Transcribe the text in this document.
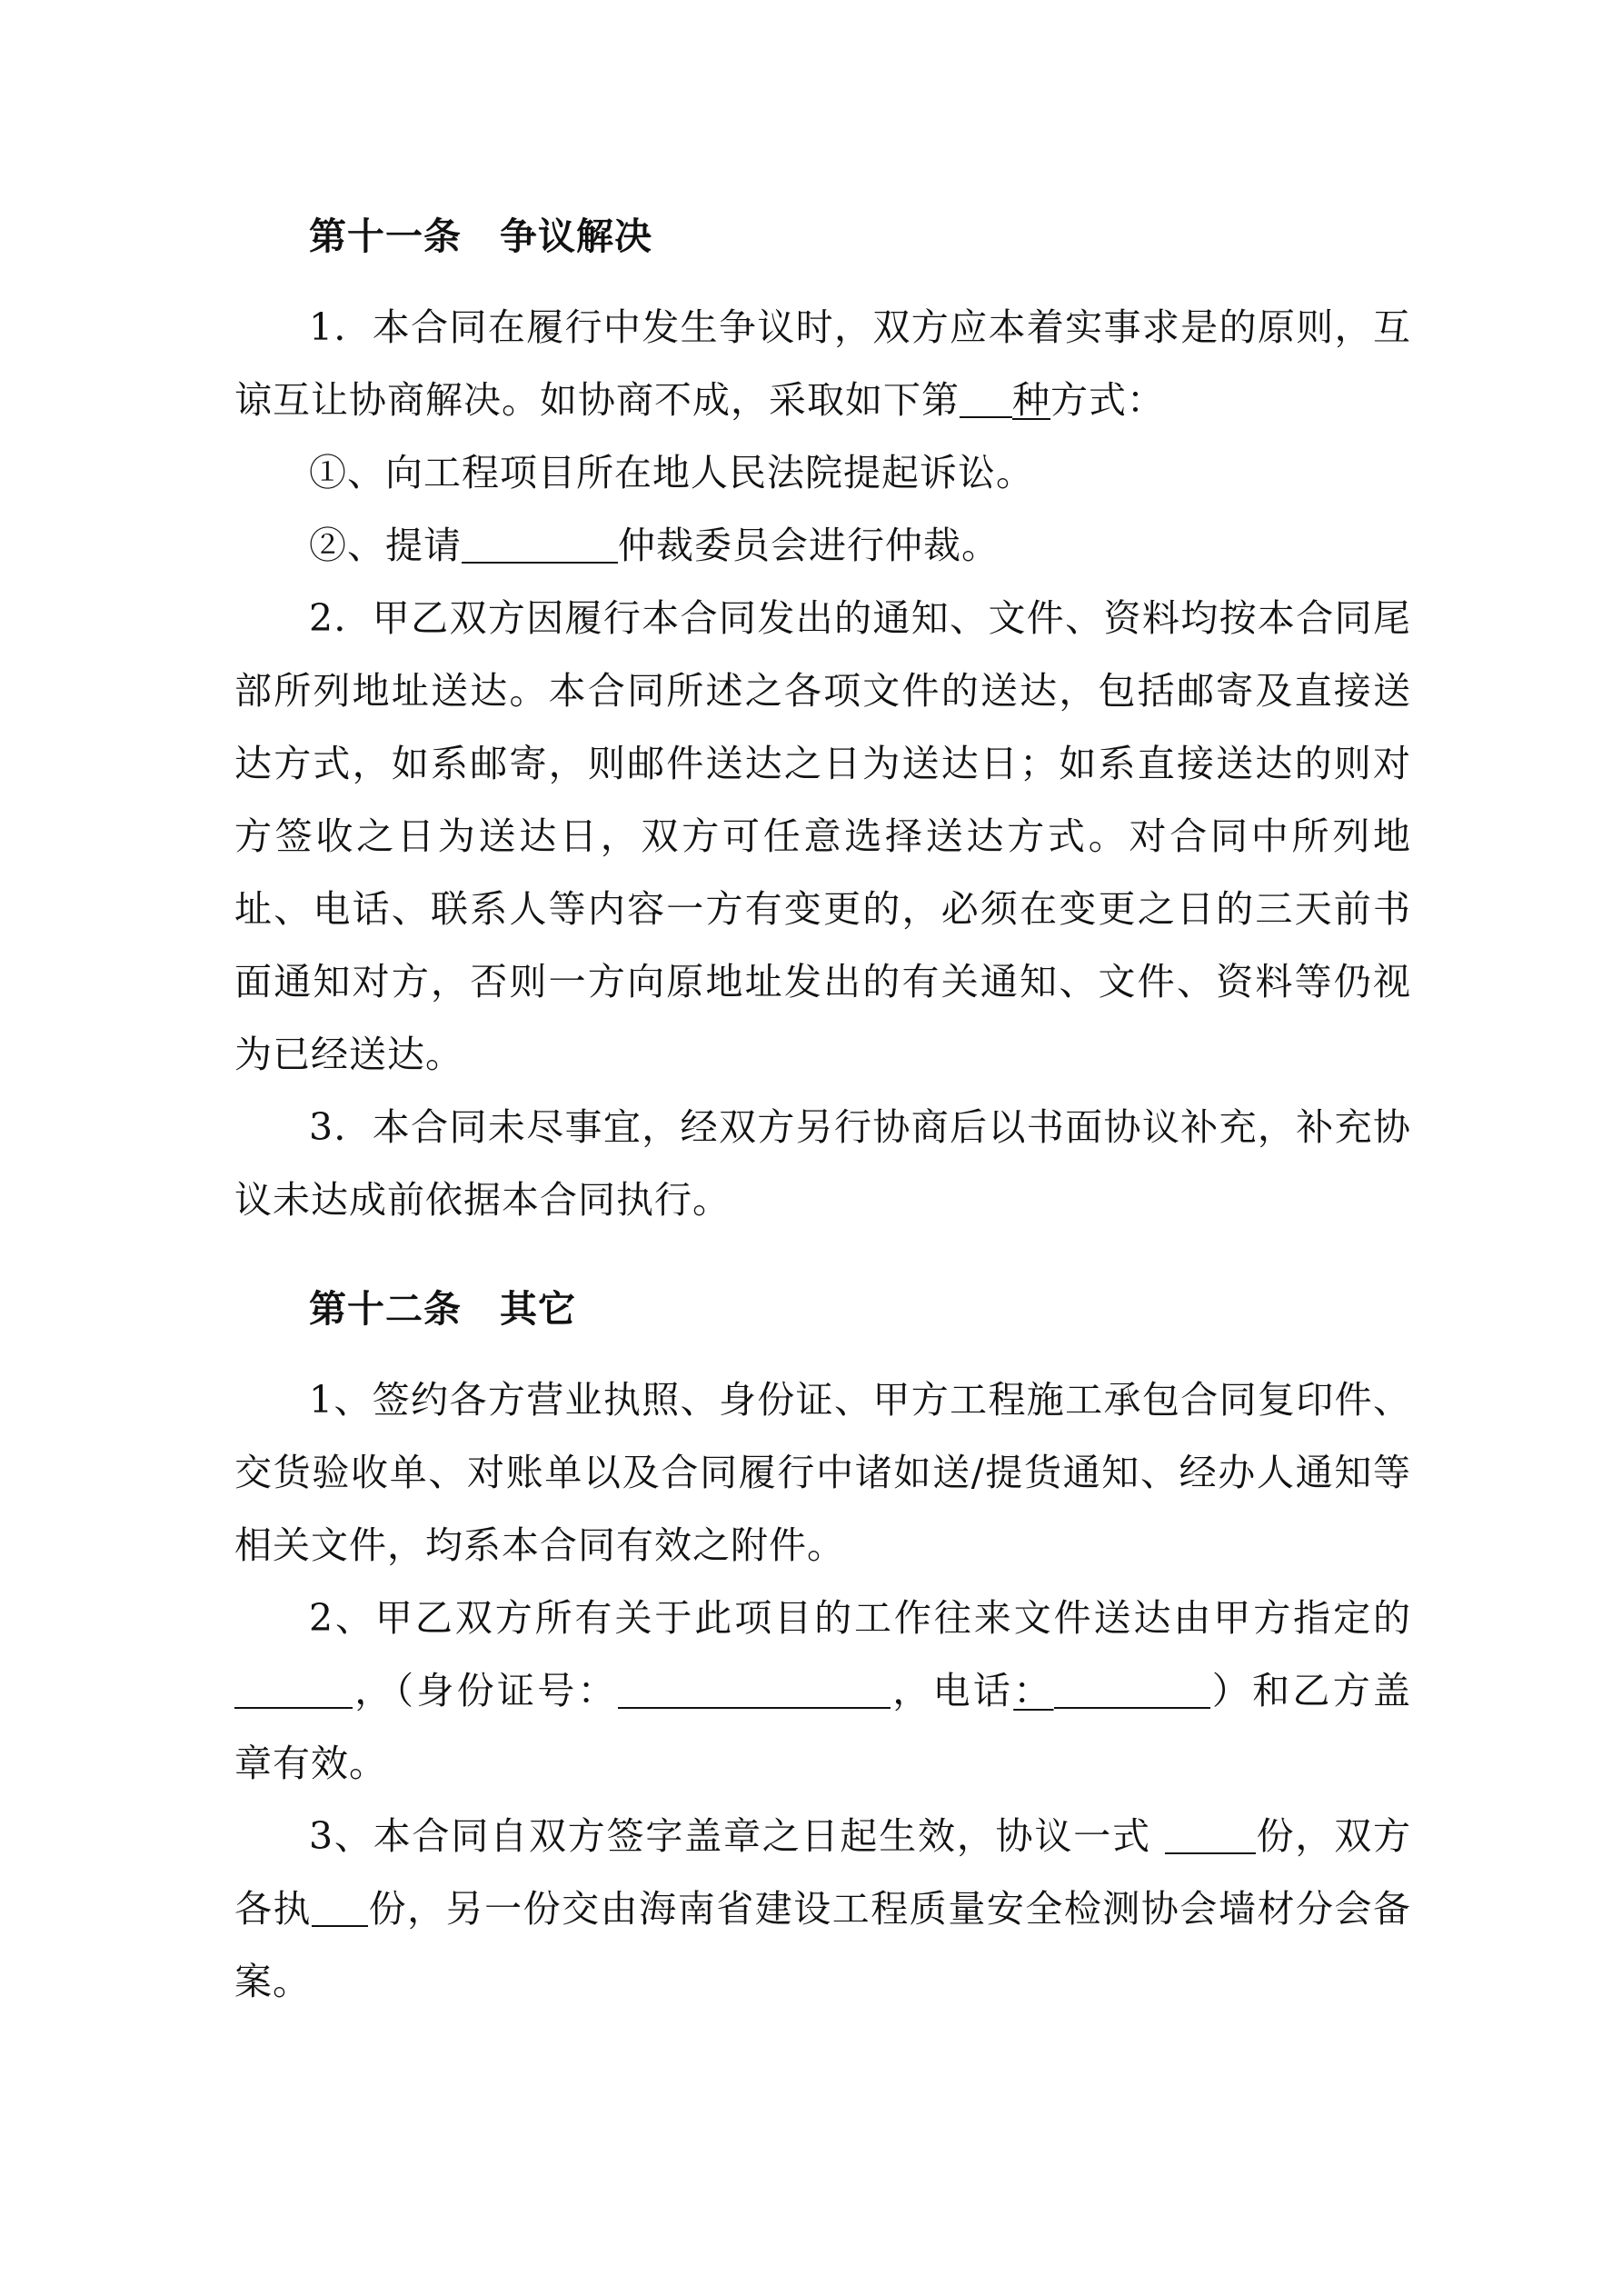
第十一条 争议解决

1．本合同在履行中发生争议时，双方应本着实事求是的原则，互谅互让协商解决。如协商不成，采取如下第 种方式：

①、向工程项目所在地人民法院提起诉讼。

②、提请	仲裁委员会进行仲裁。

2．甲乙双方因履行本合同发出的通知、文件、资料均按本合同尾部所列地址送达。本合同所述之各项文件的送达，包括邮寄及直接送达方式，如系邮寄，则邮件送达之日为送达日；如系直接送达的则对方签收之日为送达日，双方可任意选择送达方式。对合同中所列地址、电话、联系人等内容一方有变更的，必须在变更之日的三天前书面通知对方，否则一方向原地址发出的有关通知、文件、资料等仍视为已经送达。

3．本合同未尽事宜，经双方另行协商后以书面协议补充，补充协议未达成前依据本合同执行。

第十二条 其它

1、签约各方营业执照、身份证、甲方工程施工承包合同复印件、交货验收单、对账单以及合同履行中诸如送/提货通知、经办人通知等相关文件，均系本合同有效之附件。

2、甲乙双方所有关于此项目的工作往来文件送达由甲方指定的，（身份证号：	，电话：	）和乙方盖章有效。

3、本合同自双方签字盖章之日起生效，协议一式 份，双方各执 份，另一份交由海南省建设工程质量安全检测协会墙材分会备案。
